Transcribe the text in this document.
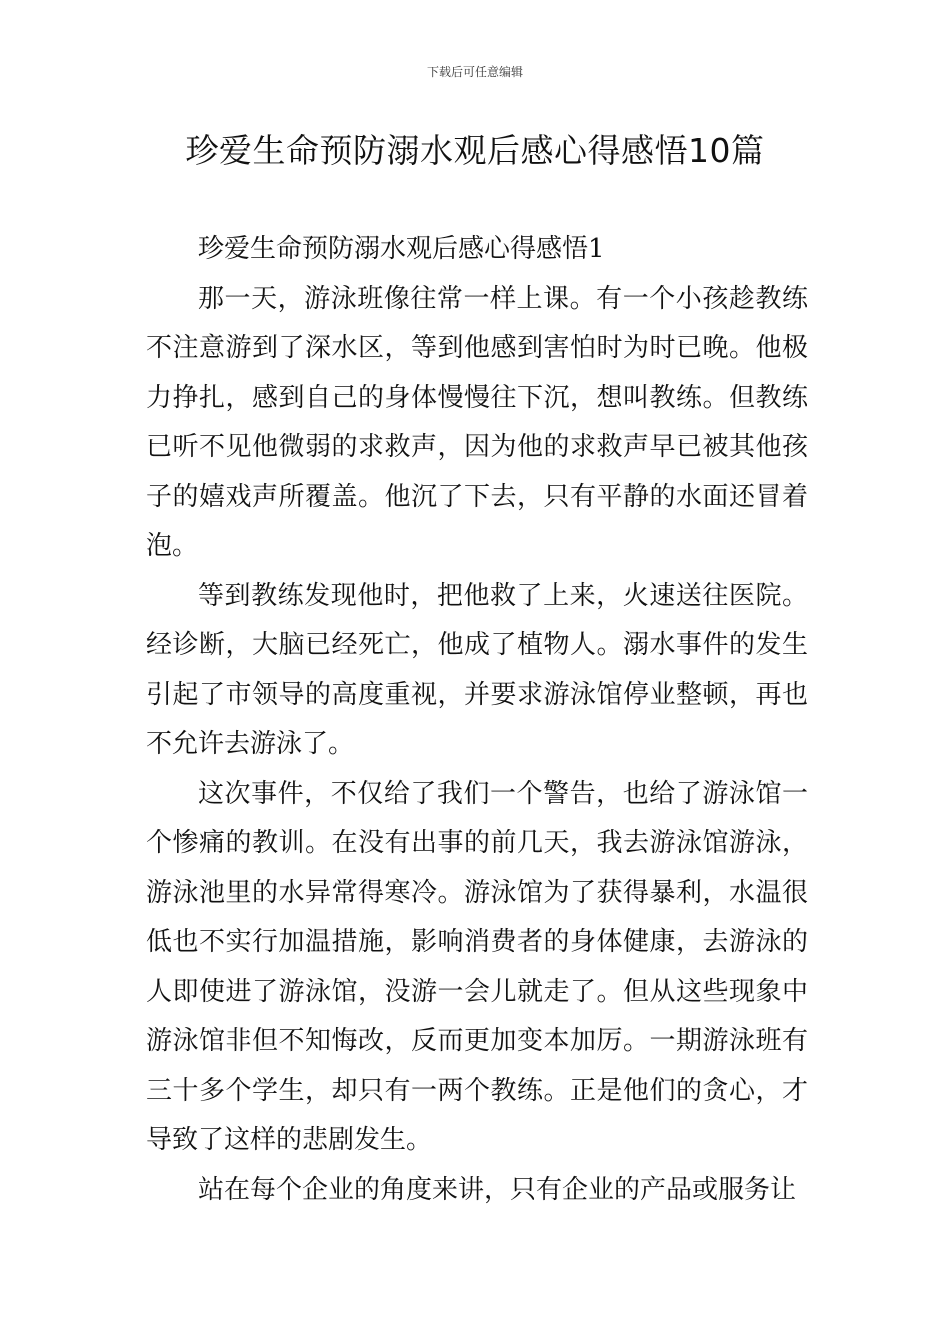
下载后可任意编辑
珍爱生命预防溺水观后感心得感悟10篇

珍爱生命预防溺水观后感心得感悟1

那一天，游泳班像往常一样上课。有一个小孩趁教练不注意游到了深水区，等到他感到害怕时为时已晚。他极力挣扎，感到自己的身体慢慢往下沉，想叫教练。但教练已听不见他微弱的求救声，因为他的求救声早已被其他孩子的嬉戏声所覆盖。他沉了下去，只有平静的水面还冒着泡。

等到教练发现他时，把他救了上来，火速送往医院。经诊断，大脑已经死亡，他成了植物人。溺水事件的发生引起了市领导的高度重视，并要求游泳馆停业整顿，再也不允许去游泳了。

这次事件，不仅给了我们一个警告，也给了游泳馆一个惨痛的教训。在没有出事的前几天，我去游泳馆游泳，游泳池里的水异常得寒冷。游泳馆为了获得暴利，水温很低也不实行加温措施，影响消费者的身体健康，去游泳的人即使进了游泳馆，没游一会儿就走了。但从这些现象中游泳馆非但不知悔改，反而更加变本加厉。一期游泳班有三十多个学生，却只有一两个教练。正是他们的贪心，才导致了这样的悲剧发生。

站在每个企业的角度来讲，只有企业的产品或服务让
